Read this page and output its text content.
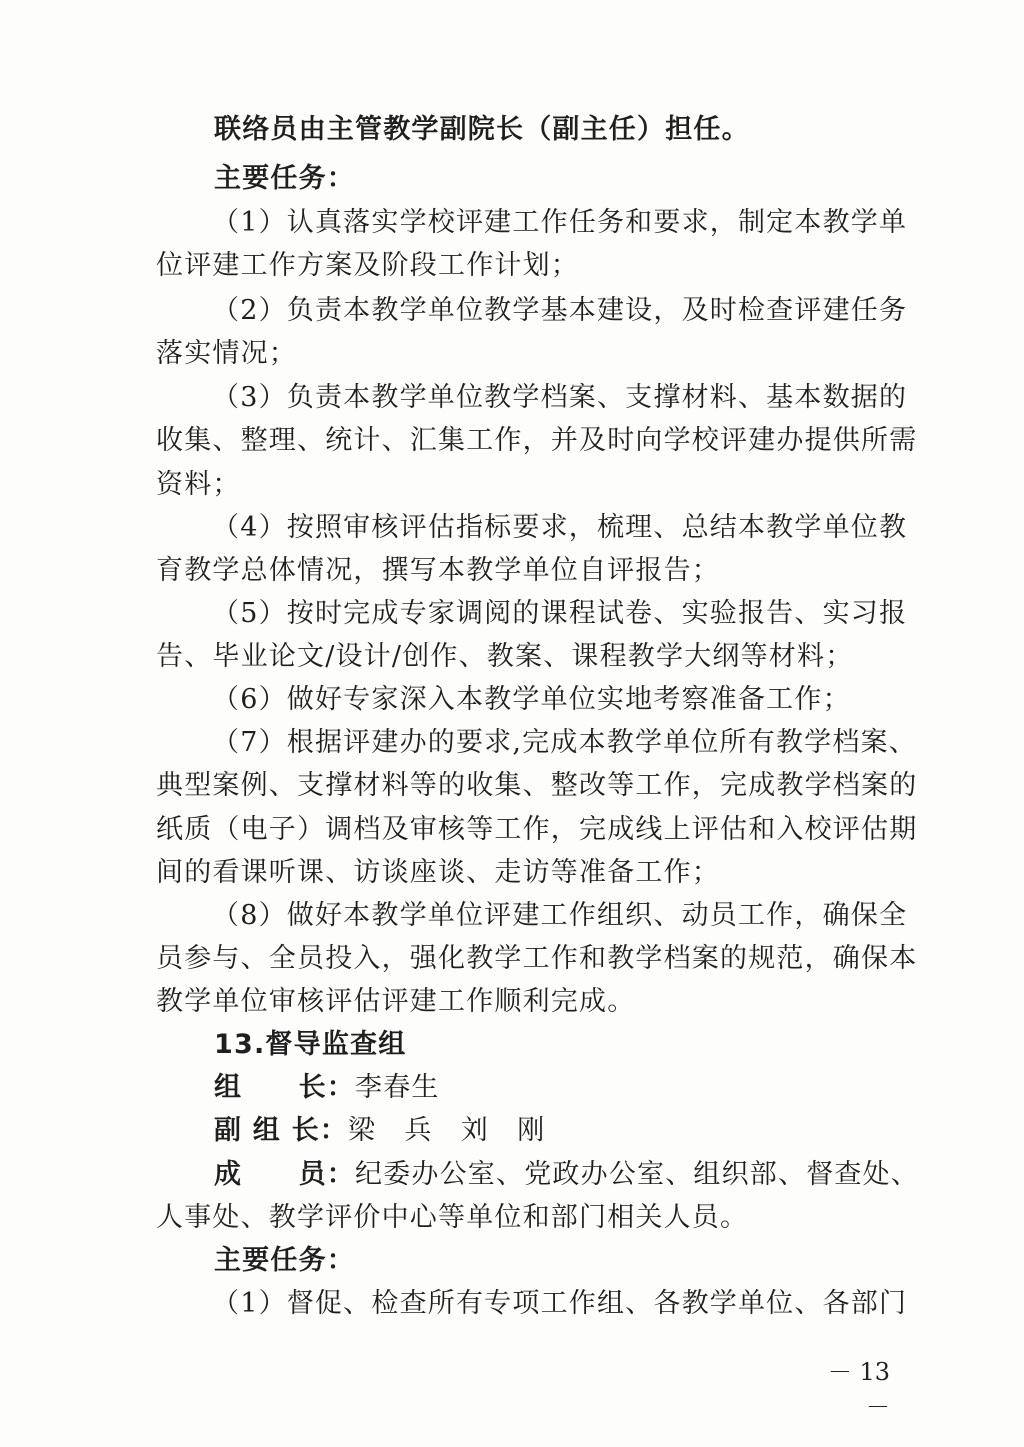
联络员由主管教学副院长（副主任）担任。
主要任务：
（1）认真落实学校评建工作任务和要求，制定本教学单
位评建工作方案及阶段工作计划；
（2）负责本教学单位教学基本建设，及时检查评建任务
落实情况；
（3）负责本教学单位教学档案、支撑材料、基本数据的
收集、整理、统计、汇集工作，并及时向学校评建办提供所需
资料；
（4）按照审核评估指标要求，梳理、总结本教学单位教
育教学总体情况，撰写本教学单位自评报告；
（5）按时完成专家调阅的课程试卷、实验报告、实习报
告、毕业论文/设计/创作、教案、课程教学大纲等材料；
（6）做好专家深入本教学单位实地考察准备工作；
（7）根据评建办的要求,完成本教学单位所有教学档案、
典型案例、支撑材料等的收集、整改等工作，完成教学档案的
纸质（电子）调档及审核等工作，完成线上评估和入校评估期
间的看课听课、访谈座谈、走访等准备工作；
（8）做好本教学单位评建工作组织、动员工作，确保全
员参与、全员投入，强化教学工作和教学档案的规范，确保本
教学单位审核评估评建工作顺利完成。
13.督导监查组
组　　长：李春生
副 组 长：梁　兵　刘　刚
成　　员：纪委办公室、党政办公室、组织部、督查处、
人事处、教学评价中心等单位和部门相关人员。
主要任务：
（1）督促、检查所有专项工作组、各教学单位、各部门
－ 13 －
